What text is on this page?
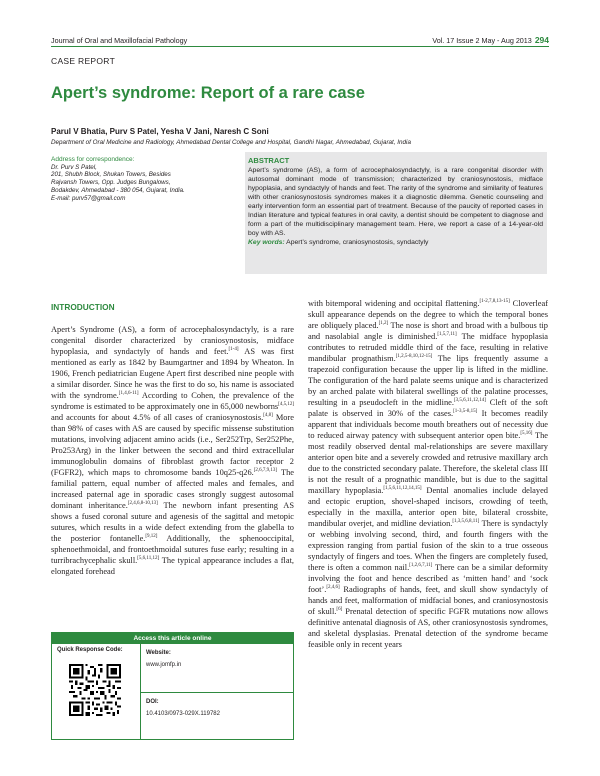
Journal of Oral and Maxillofacial Pathology	Vol. 17 Issue 2 May - Aug 2013 294
CASE REPORT
Apert’s syndrome: Report of a rare case
Parul V Bhatia, Purv S Patel, Yesha V Jani, Naresh C Soni
Department of Oral Medicine and Radiology, Ahmedabad Dental College and Hospital, Gandhi Nagar, Ahmedabad, Gujarat, India
Address for correspondence:
Dr. Purv S Patel,
201, Shubh Block, Shukan Towers, Besides
Rajvansh Towers, Opp. Judges Bungalows,
Bodakdev, Ahmedabad - 380 054, Gujarat, India.
E-mail: purv57@gmail.com
ABSTRACT
Apert’s syndrome (AS), a form of acrocephalosyndactyly, is a rare congenital disorder with autosomal dominant mode of transmission; characterized by craniosynostosis, midface hypoplasia, and syndactyly of hands and feet. The rarity of the syndrome and similarity of features with other craniosynostosis syndromes makes it a diagnostic dilemma. Genetic counseling and early intervention form an essential part of treatment. Because of the paucity of reported cases in Indian literature and typical features in oral cavity, a dentist should be competent to diagnose and form a part of the multidisciplinary management team. Here, we report a case of a 14-year-old boy with AS.
Key words: Apert’s syndrome, craniosynostosis, syndactyly
INTRODUCTION
Apert’s Syndrome (AS), a form of acrocephalosyndactyly, is a rare congenital disorder characterized by craniosynostosis, midface hypoplasia, and syndactyly of hands and feet.[1-4] AS was first mentioned as early as 1842 by Baumgartner and 1894 by Wheaton. In 1906, French pediatrician Eugene Apert first described nine people with a similar disorder. Since he was the first to do so, his name is associated with the syndrome.[1,4,6-11] According to Cohen, the prevalence of the syndrome is estimated to be approximately one in 65,000 newborns[4,5,12] and accounts for about 4.5% of all cases of craniosynostosis.[4,8] More than 98% of cases with AS are caused by specific missense substitution mutations, involving adjacent amino acids (i.e., Ser252Trp, Ser252Phe, Pro253Arg) in the linker between the second and third extracellular immunoglobulin domains of fibroblast growth factor receptor 2 (FGFR2), which maps to chromosome bands 10q25-q26.[2,6,7,9,13] The familial pattern, equal number of affected males and females, and increased paternal age in sporadic cases strongly suggest autosomal dominant inheritance.[2,4,6,8-10,13] The newborn infant presenting AS shows a fused coronal suture and agenesis of the sagittal and metopic sutures, which results in a wide defect extending from the glabella to the posterior fontanelle.[9,12] Additionally, the sphenooccipital, sphenoethmoidal, and frontoethmoidal sutures fuse early; resulting in a turribrachycephalic skull.[5,6,11,12] The typical appearance includes a flat, elongated forehead
with bitemporal widening and occipital flattening.[1-2,7,8,13-15] Cloverleaf skull appearance depends on the degree to which the temporal bones are obliquely placed.[1,2] The nose is short and broad with a bulbous tip and nasolabial angle is diminished.[1,5,7,11] The midface hypoplasia contributes to retruded middle third of the face, resulting in relative mandibular prognathism.[1,2,5-8,10,12-15] The lips frequently assume a trapezoid configuration because the upper lip is lifted in the midline. The configuration of the hard palate seems unique and is characterized by an arched palate with bilateral swellings of the palatine processes, resulting in a pseudocleft in the midline.[3,5,6,11,12,14] Cleft of the soft palate is observed in 30% of the cases.[1-3,5-8,15] It becomes readily apparent that individuals become mouth breathers out of necessity due to reduced airway patency with subsequent anterior open bite.[5,16] The most readily observed dental mal-relationships are severe maxillary anterior open bite and a severely crowded and retrusive maxillary arch due to the constricted secondary palate. Therefore, the skeletal class III is not the result of a prognathic mandible, but is due to the sagittal maxillary hypoplasia.[1,5,6,11,12,14,15] Dental anomalies include delayed and ectopic eruption, shovel-shaped incisors, crowding of teeth, especially in the maxilla, anterior open bite, bilateral crossbite, mandibular overjet, and midline deviation.[1,3,5,6,8,11] There is syndactyly or webbing involving second, third, and fourth fingers with the expression ranging from partial fusion of the skin to a true osseous syndactyly of fingers and toes. When the fingers are completely fused, there is often a common nail.[1,2,6,7,11] There can be a similar deformity involving the foot and hence described as ‘mitten hand’ and ‘sock foot’.[2,4,6] Radiographs of hands, feet, and skull show syndactyly of hands and feet, malformation of midfacial bones, and craniosynostosis of skull.[6] Prenatal detection of specific FGFR mutations now allows definitive antenatal diagnosis of AS, other craniosynostosis syndromes, and skeletal dysplasias. Prenatal detection of the syndrome became feasible only in recent years
Access this article online
Quick Response Code:	Website:
www.jomfp.in
DOI:
10.4103/0973-029X.119782
